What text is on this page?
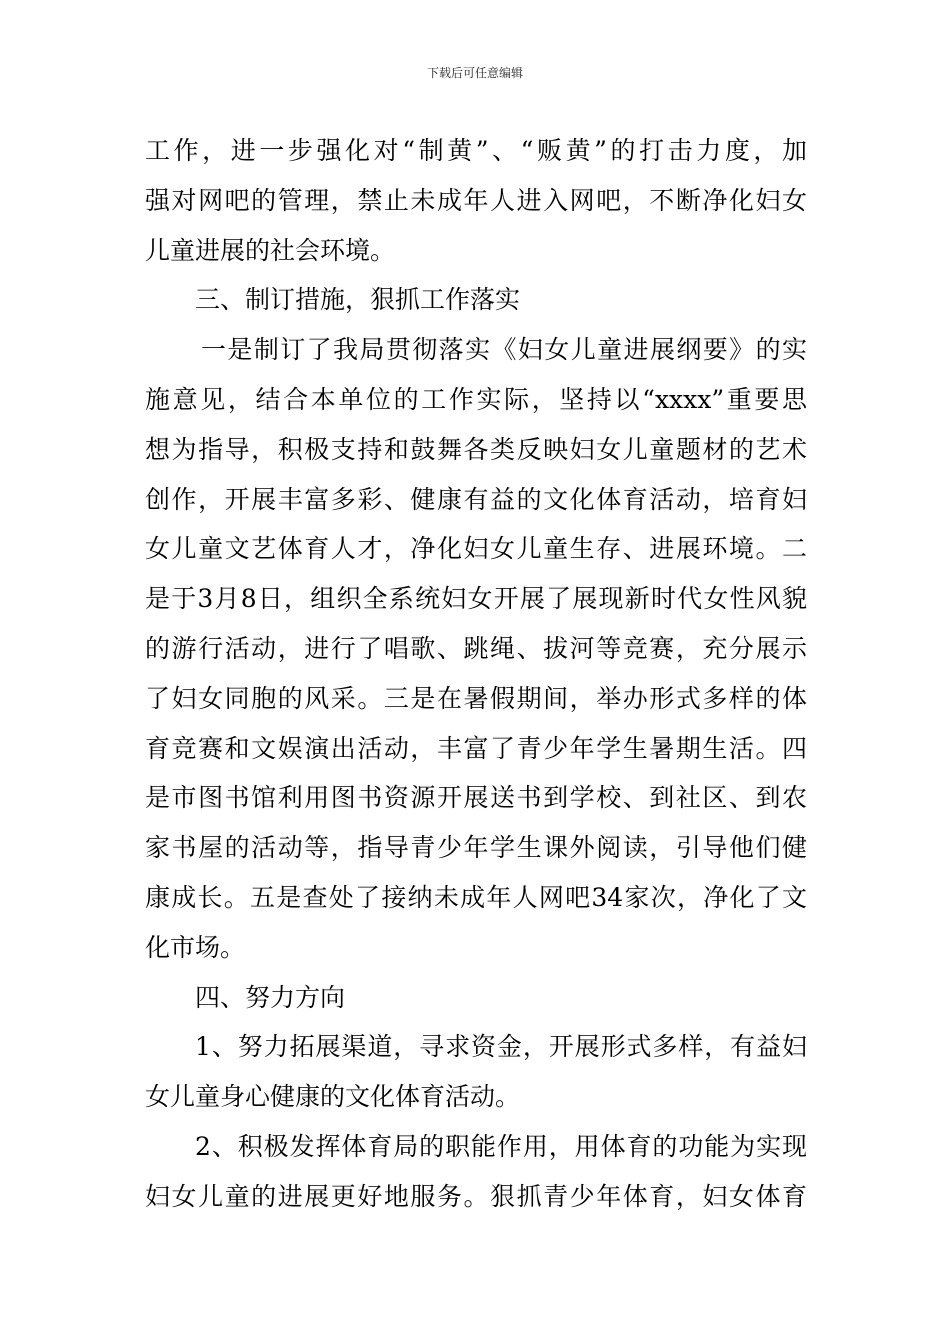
下载后可任意编辑
工作，进一步强化对“制黄”、“贩黄”的打击力度，加
强对网吧的管理，禁止未成年人进入网吧，不断净化妇女
儿童进展的社会环境。
三、制订措施，狠抓工作落实
一是制订了我局贯彻落实《妇女儿童进展纲要》的实
施意见，结合本单位的工作实际，坚持以“xxxx”重要思
想为指导，积极支持和鼓舞各类反映妇女儿童题材的艺术
创作，开展丰富多彩、健康有益的文化体育活动，培育妇
女儿童文艺体育人才，净化妇女儿童生存、进展环境。二
是于3月8日，组织全系统妇女开展了展现新时代女性风貌
的游行活动，进行了唱歌、跳绳、拔河等竞赛，充分展示
了妇女同胞的风采。三是在暑假期间，举办形式多样的体
育竞赛和文娱演出活动，丰富了青少年学生暑期生活。四
是市图书馆利用图书资源开展送书到学校、到社区、到农
家书屋的活动等，指导青少年学生课外阅读，引导他们健
康成长。五是查处了接纳未成年人网吧34家次，净化了文
化市场。
四、努力方向
1、努力拓展渠道，寻求资金，开展形式多样，有益妇
女儿童身心健康的文化体育活动。
2、积极发挥体育局的职能作用，用体育的功能为实现
妇女儿童的进展更好地服务。狠抓青少年体育，妇女体育
